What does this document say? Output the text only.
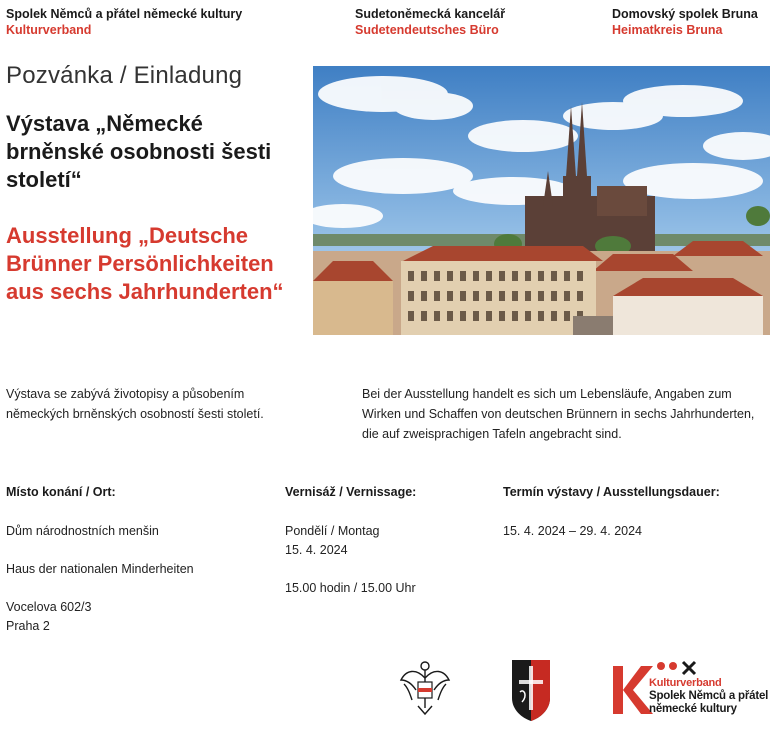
Spolek Němců a přátel německé kultury
Kulturverband
Sudetoněmecká kancelář
Sudetendeutsches Büro
Domovský spolek Bruna
Heimatkreis Bruna
Pozvánka / Einladung
Výstava „Německé brněnské osobnosti šesti století“
Ausstellung „Deutsche Brünner Persönlichkeiten aus sechs Jahrhunderten“
Výstava se zabývá životopisy a působením německých brněnských osobností šesti století.
Bei der Ausstellung handelt es sich um Lebensläufe, Angaben zum Wirken und Schaffen von deutschen Brünnern in sechs Jahrhunderten, die auf zweisprachigen Tafeln angebracht sind.
Místo konání / Ort:	Vernisáž / Vernissage:	Termín výstavy / Ausstellungsdauer:
Dům národnostních menšin
Haus der nationalen Minderheiten
Vocelova 602/3
Praha 2
Pondělí / Montag
15. 4. 2024
15.00 hodin / 15.00 Uhr
15. 4. 2024 – 29. 4. 2024
Kulturverband
Spolek Němců a přátel
německé kultury
